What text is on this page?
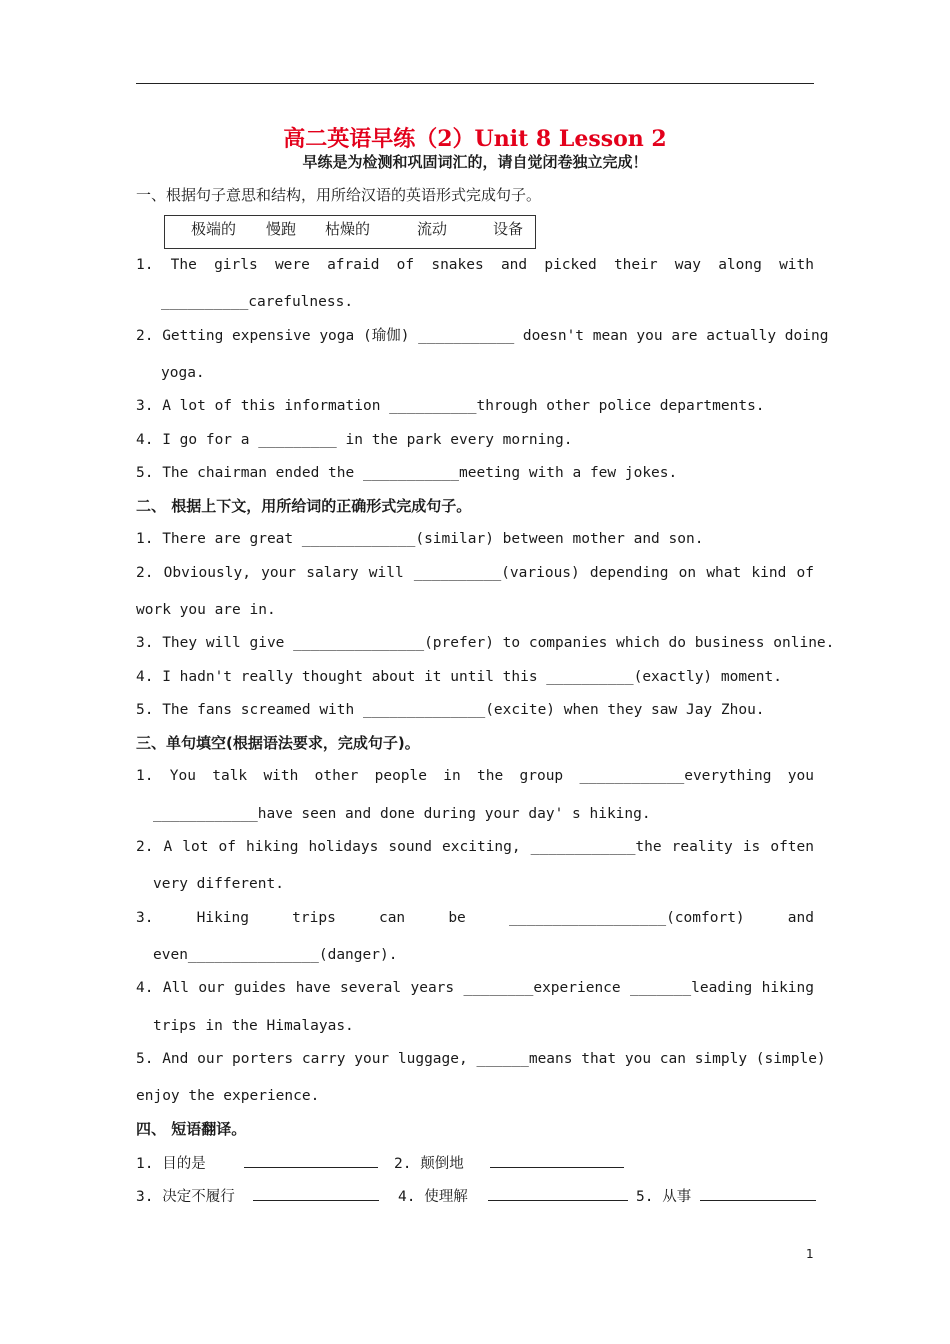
高二英语早练（2）Unit 8 Lesson 2
早练是为检测和巩固词汇的，请自觉闭卷独立完成！
一、根据句子意思和结构，用所给汉语的英语形式完成句子。
极端的 慢跑 枯燥的	流动	设备
1. The girls were afraid of snakes and picked their way along with
__________carefulness.
2. Getting expensive yoga (瑜伽) ___________ doesn't mean you are actually doing
yoga.
3. A lot of this information __________through other police departments.
4. I go for a _________ in the park every morning.
5. The chairman ended the ___________meeting with a few jokes.
二、 根据上下文，用所给词的正确形式完成句子。
1. There are great _____________(similar) between mother and son.
2. Obviously, your salary will __________(various) depending on what kind of
work you are in.
3. They will give _______________(prefer) to companies which do business online.
4. I hadn't really thought about it until this __________(exactly) moment.
5. The fans screamed with ______________(excite) when they saw Jay Zhou.
三、单句填空(根据语法要求，完成句子)。
1. You talk with other people in the group ____________everything you
____________have seen and done during your day' s hiking.
2. A lot of hiking holidays sound exciting, ____________the reality is often
very different.
3. Hiking trips can be __________________(comfort) and
even_______________(danger).
4. All our guides have several years ________experience _______leading hiking
trips in the Himalayas.
5. And our porters carry your luggage, ______means that you can simply (simple)
enjoy the experience.
四、 短语翻译。
1. 目的是	2. 颠倒地
3. 决定不履行	4. 使理解	5. 从事
1
